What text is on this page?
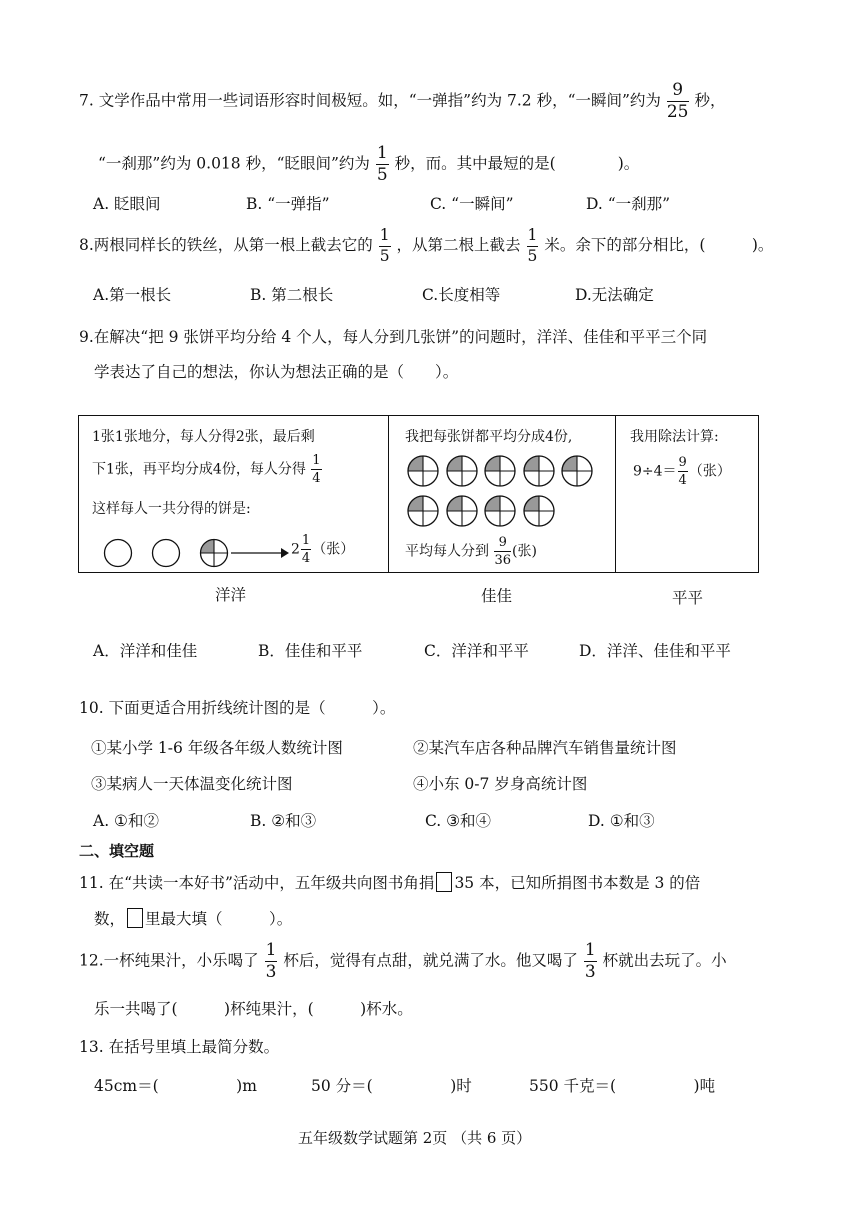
7. 文学作品中常用一些词语形容时间极短。如，“一弹指”约为 7.2 秒，“一瞬间”约为 $\frac{9}{25}$ 秒，
“一刹那”约为 0.018 秒，“眨眼间”约为 $\frac{1}{5}$ 秒，而。其中最短的是(　　　　)。
A. 眨眼间	B. “一弹指”	C. “一瞬间”	D. “一刹那”
8.两根同样长的铁丝，从第一根上截去它的 $\frac{1}{5}$ ，从第二根上截去 $\frac{1}{5}$ 米。余下的部分相比，(　　　)。
A.第一根长	B. 第二根长	C.长度相等	D.无法确定
9.在解决“把 9 张饼平均分给 4 个人，每人分到几张饼”的问题时，洋洋、佳佳和平平三个同
学表达了自己的想法，你认为想法正确的是（　　）。
1张1张地分，每人分得2张，最后剩
下1张，再平均分成4份，每人分得 $\frac{1}{4}$
这样每人一共分得的饼是:
$2 \frac{1}{4}$ （张）
我把每张饼都平均分成4份,
平均每人分到 $\frac{9}{36}$ (张)
我用除法计算:
$9\div 4= \frac{9}{4}$ （张）
洋洋	佳佳	平平
A．洋洋和佳佳	B．佳佳和平平	C．洋洋和平平	D．洋洋、佳佳和平平
10. 下面更适合用折线统计图的是（　　　）。
①某小学 1-6 年级各年级人数统计图	②某汽车店各种品牌汽车销售量统计图
③某病人一天体温变化统计图	④小东 0-7 岁身高统计图
A. ①和②	B. ②和③	C. ③和④	D. ①和③
二、填空题
11. 在“共读一本好书”活动中，五年级共向图书角捐 35 本，已知所捐图书本数是 3 的倍
数， 里最大填（　　　）。
12.一杯纯果汁，小乐喝了 $\frac{1}{3}$ 杯后，觉得有点甜，就兑满了水。他又喝了 $\frac{1}{3}$ 杯就出去玩了。小
乐一共喝了(　　　)杯纯果汁，(　　　)杯水。
13. 在括号里填上最简分数。
45cm＝(　　　　　)m	50 分＝(　　　　　)时	550 千克＝(　　　　　)吨
五年级数学试题第 2页 （共 6 页）
